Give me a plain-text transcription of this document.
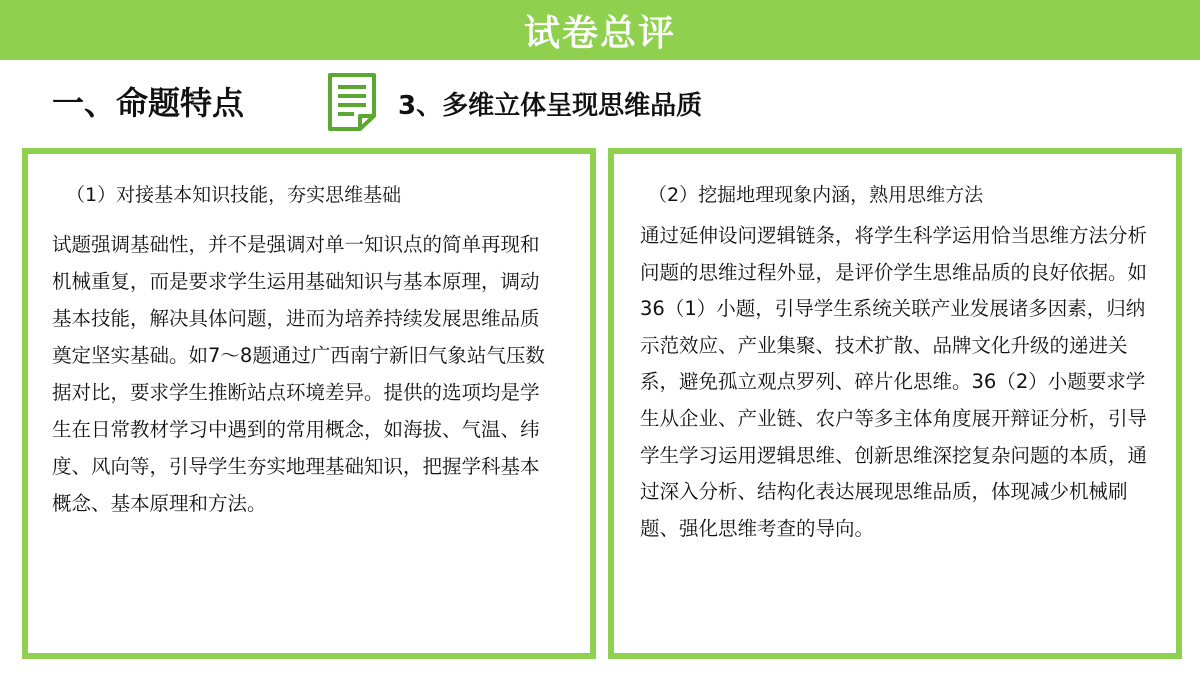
试卷总评
一、命题特点	3、多维立体呈现思维品质
（1）对接基本知识技能，夯实思维基础
试题强调基础性，并不是强调对单一知识点的简单再现和机械重复，而是要求学生运用基础知识与基本原理，调动基本技能，解决具体问题，进而为培养持续发展思维品质奠定坚实基础。如7～8题通过广西南宁新旧气象站气压数据对比，要求学生推断站点环境差异。提供的选项均是学生在日常教材学习中遇到的常用概念，如海拔、气温、纬度、风向等，引导学生夯实地理基础知识，把握学科基本概念、基本原理和方法。
（2）挖掘地理现象内涵，熟用思维方法
通过延伸设问逻辑链条，将学生科学运用恰当思维方法分析问题的思维过程外显，是评价学生思维品质的良好依据。如36（1）小题，引导学生系统关联产业发展诸多因素，归纳示范效应、产业集聚、技术扩散、品牌文化升级的递进关系，避免孤立观点罗列、碎片化思维。36（2）小题要求学生从企业、产业链、农户等多主体角度展开辩证分析，引导学生学习运用逻辑思维、创新思维深挖复杂问题的本质，通过深入分析、结构化表达展现思维品质，体现减少机械刷题、强化思维考查的导向。
